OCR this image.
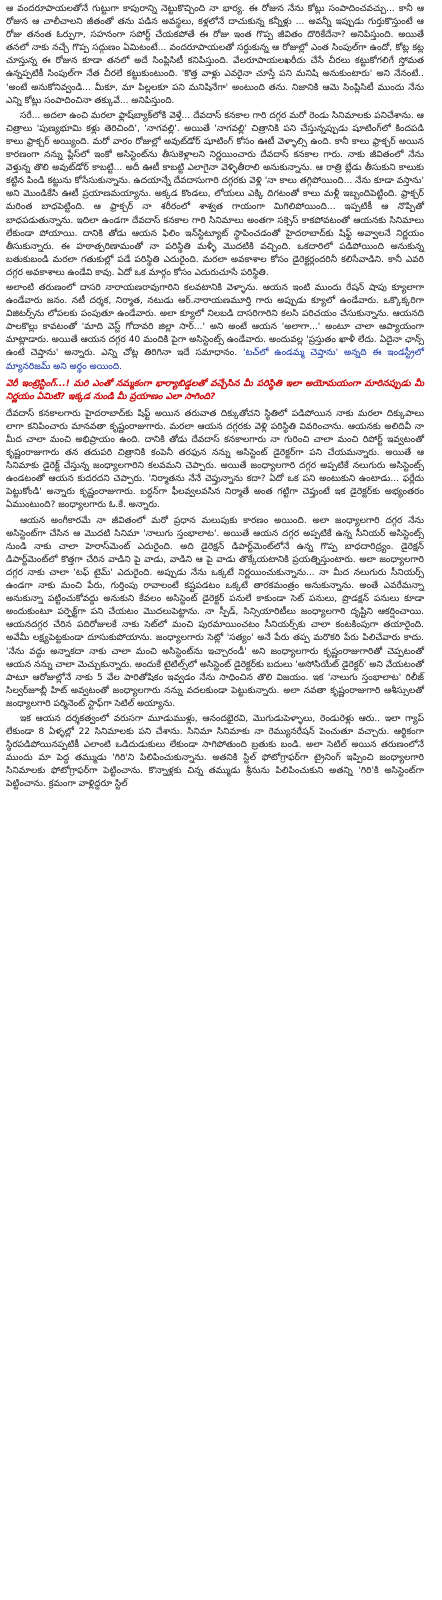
ఆ వందరూపాయలతోనే గుట్టుగా కాపురాన్ని నెట్టుకొచ్చింది నా భార్య. ఈ రోజున నేను కోట్లు సంపాదించవచ్చు... కానీ ఆ రోజున ఆ చాలీచాలని జీతంతో తను పడిన అవస్థలు, కళ్లలోనే దాచుకున్న కన్నీళ్లు ... అవన్నీ ఇప్పుడు గుర్తుకొస్తుంటే ఆ రోజు తనంత ఓర్పుగా, సహనంగా సపోర్ట్ చేయకపోతే ఈ రోజు ఇంత గొప్ప జీవితం దొరికేదేనా? అనిపిస్తుంది. అయితే తనలో నాకు నచ్చే గొప్ప సద్గుణం ఏమిటంటే... వందరూపాయలతో సర్దుకున్న ఆ రోజుల్లో ఎంత సింపుల్‌గా ఉందో, కోట్ల కట్ల చూస్తున్న ఈ రోజున కూడా తనలో అదే సింప్లిసిటీ కనిపిస్తుంది. వేలరూపాయలఖరీదు చేసే చీరలు కట్టుకోగలిగే స్తోమత ఉన్నప్పటికీ సింపుల్‌గా నేత చీరలే కట్టుకుంటుంది. 'కొత్త వాళ్లు ఎవరైనా చూస్తే పని మనిషి అనుకుంటారు' అని నేనంటే.. 'అంటే అనుకోనివ్వండి... మీకూ, మా పిల్లలకూ పని మనిషినేగా' అంటుంది తను. నిజానికి ఆమె సింప్లిసిటీ ముందు నేను ఎన్ని కోట్లు సంపాదించినా తక్కువే... అనిపిస్తుంది.

సరే... అదలా ఉంచి మరలా ఫ్లాష్‌బ్యాక్‌లోకి వెళ్తే... దేవదాస్ కనకాల గారి దగ్గర మరో రెండు సినిమాలకు పనిచేశాను. ఆ చిత్రాలు 'పుణ్యభూమి కళ్లు తెరిచింది', 'నాగవల్లి'. అయితే 'నాగవల్లి' చిత్రానికి పని చేస్తున్నప్పుడు షూటింగ్‌లో కిందపడి కాలు ఫ్రాక్చర్ అయ్యింది. మరో వారం రోజుల్లో అవుట్‌డోర్ షూటింగ్ కోసం ఊటీ వెళ్ళాల్సి ఉంది. కానీ కాలు ఫ్రాక్చర్ అయిన కారణంగా నన్ను ప్లేస్‌లో ఇంకో అసిస్టెంట్‌ను తీసుకెళ్లాలని నిర్ణయించారు దేవదాస్ కనకాల గారు. నాకు జీవితంలో నేను వెళ్తున్న తొలి అవుట్‌డోర్ కాబట్టి... అదీ ఊటీ కాబట్టి ఎలాగైనా వెళ్ళితీరాలి అనుకున్నాను. ఆ రాత్రి బ్లేడు తీసుకుని కాలుకు కట్టిన పిండి కట్టును కోసేసుకున్నాను. ఉదయాన్నే దేవదాసుగారి దగ్గరకు వెళ్లి 'నా కాలు తగ్గిపోయింది... నేను కూడా వస్తాను' అని మొండికేసి ఊటీ ప్రయాణమయ్యాను. అక్కడ కొండలు, లోయలు ఎక్కి దిగటంతో కాలు మళ్లీ ఇబ్బందిపెట్టింది. ఫ్రాక్చర్ మరింత బాధపెట్టింది. ఆ ఫ్రాక్చర్ నా శరీరంలో శాశ్వత గాయంగా మిగిలిపోయింది... ఇప్పటికీ ఆ నొప్పితో బాధపడుతున్నాను. ఇదిలా ఉండగా దేవదాస్ కనకాల గారి సినిమాలు అంతగా సక్సెస్ కాకపోవటంతో ఆయనకు సినిమాలు లేకుండా పోయాయి. దానికి తోడు ఆయన ఫిలిం ఇన్‌స్టిట్యూట్ స్థాపించడంతో హైదరాబాద్‌కు షిఫ్ట్ అవ్వాలనే నిర్ణయం తీసుకున్నారు. ఈ హఠాత్పరిణామంతో నా పరిస్థితి మళ్ళీ మొదటికి వచ్చింది. ఒకదారిలో పడిపోయింది అనుకున్న బతుకుబండి మరలా గతుకుల్లో పడే పరిస్థితి ఎదురైంది. మరలా అవకాశాల కోసం డైరెక్టర్లందరినీ కలిసేవాడిని. కానీ ఎవరి దగ్గర అవకాశాలు ఉండేవి కావు. ఏదో ఒక మార్గం కోసం ఎదురుచూసే పరిస్థితి.

అలాంటి తరుణంలో దాసరి నారాయణరావుగారిని కలవటానికి వెళ్ళాను. ఆయన ఇంటి ముందు రేషన్ షాపు క్యూలాగా ఉండేవారు జనం. నటీ దర్శక, నిర్మాత, నటుడు ఆర్.నారాయణమూర్తి గారు అప్పుడు క్యూలో ఉండేవారు. ఒక్కొక్కరిగా విజిటర్స్‌ను లోపలకు పంపుతూ ఉండేవారు. అలా క్యూలో నిలబడి దాసరిగారిని కలసి పరిచయం చేసుకున్నాను. ఆయనది పాలకొల్లు కావటంతో 'మాది వెస్ట్ గోదావరి జిల్లా సార్...' అని అంటే ఆయన 'అలాగా...' అంటూ చాలా ఆప్యాయంగా మాట్లాడారు. అయితే ఆయన దగ్గర 40 మందికి పైగా అసిస్టెంట్స్ ఉండేవారు. అందువల్ల 'ప్రస్తుతం ఖాళీ లేదు. ఏదైనా ఛాన్స్ ఉంటే చెప్తాను' అన్నారు. ఎన్ని చోట్ల తిరిగినా ఇదే సమాధానం. 'టచ్‌లో ఉండమ్మ చెప్తాను' అన్నది ఈ ఇండస్ట్రీలో మ్యానరిజమ్ అని అర్థం అయింది.

వెరీ ఇంట్రెస్టింగ్...! మరి ఎంతో నమ్మకంగా భార్యాబిడ్డలతో వచ్చేసిన మీ పరిస్థితి ఇలా అయోమయంగా మారినప్పుడు మీ నిర్ణయం ఏమిటి? ఇక్కడ నుండి మీ ప్రయాణం ఎలా సాగింది?

దేవదాస్ కనకాలగారు హైదరాబాద్‌కు షిఫ్ట్ అయిన తరువాత దిక్కుతోచని స్థితిలో పడిపోయిన నాకు మరలా దిక్కుపాలు లాగా కనిపించారు మానవతా కృష్ణంరాజుగారు. మరలా ఆయన దగ్గరకు వెళ్లి పరిస్థితి వివరించాను. ఆయనకు అలిదివీ నా మీద చాలా మంచి అభిప్రాయం ఉంది. దానికి తోడు దేవదాస్ కనకాలగారు నా గురించి చాలా మంచి రిపోర్ట్ ఇవ్వటంతో కృష్ణంరాజుగారు తన తదుపరి చిత్రానికి కంపెనీ తరఫున నన్ను అసిస్టెంట్ డైరెక్టర్‌గా పని చేయమన్నారు. అయితే ఆ సినిమాకు డైరెక్ట్ చేస్తున్న జంధ్యాలగారిని కలవమని చెప్పారు. అయితే జంధ్యాలగారి దగ్గర అప్పటికే నలుగురు అసిస్టెంట్స్ ఉండటంతో ఆయన కుదరదని చెప్పారు. 'నిర్మాతను నేనే చెప్తున్నాను కదా? ఏదో ఒక పని అంటుకుని ఉంటాడు... ఫర్లేదు పెట్టుకోండి' అన్నారు కృష్ణంరాజుగారు. బర్డన్‌గా ఫీలవ్వలవసిన నిర్మాతే అంత గట్టిగా చెప్తుంటే ఇక డైరెక్టర్‌కు అభ్యంతరం ఏముంటుంది? జంధ్యాలగారు ఓ.కే. అన్నారు.

ఆయన అంగీకారమే నా జీవితంలో మరో ప్రధాన మలుపుకు కారణం అయింది. అలా జంధ్యాలగారి దగ్గర నేను అసిస్టెంట్‌గా చేసిన ఆ మొదటి సినిమా 'నాలుగు స్తంభాలాట'. అయితే ఆయన దగ్గర అప్పటికే ఉన్న సీనియర్ అసిస్టెంట్స్ నుండి నాకు చాలా హెరాస్‌మెంట్ ఎదురైంది. అది డైరెక్షన్ డిపార్ట్‌మెంట్‌లోనే ఉన్న గొప్ప బాధదారిద్ర్యం. డైరెక్షన్ డిపార్ట్‌మెంట్‌లో కొత్తగా చేరిన వాడిని పై వాడు, వాడిని ఆ పై వాడు తొక్కేయటానికి ప్రయత్నిస్తుంటారు. అలా జంధ్యాలగారి దగ్గర నాకు చాలా 'టఫ్ టైమ్' ఎదురైంది. అప్పుడు నేను ఒక్కటే నిర్ణయించుకున్నాను... నా మీద నలుగురు సీనియర్స్ ఉండగా నాకు మంచి పేరు, గుర్తింపు రావాలంటే కష్టపడటం ఒక్కటే తారకమంత్రం అనుకున్నాను. అంతే ఎవరేమన్నా అనుకున్నా పట్టించుకోవద్దు అనుకుని కేవలం అసిస్టెంట్ డైరెక్టర్ పనులే కాకుండా సెట్ పనులు, ప్రొడక్షన్ పనులు కూడా అందుకుంటూ పర్ఫెక్ట్‌గా పని చేయటం మొదలుపెట్టాను. నా స్పీడ్, సిన్సియారిటీలు జంధ్యాలగారి దృష్టిని ఆకర్షించాయి. ఆయనదగ్గర చేరిన పదిరోజులకే నాకు సెట్‌లో మంచి పురమాయించటం సీనియర్స్‌కు చాలా కంటకింపుగా తయారైంది. అవేమీ లక్ష్యపెట్టకుండా దూసుకుపోయాను. జంధ్యాలగారు సెట్లో 'సత్యం' అనే పేరు తప్ప మరొకరి పేరు పిలిచేవారు కాదు. 'నేను వద్దు అన్నాకదా నాకు చాలా మంచి అసిస్టెంట్‌ను ఇచ్చారండీ' అని జంధ్యాలగారు కృష్ణంరాజుగారితో చెప్పటంతో ఆయన నన్ను చాలా మెచ్చుకున్నారు. అందుకే టైటిల్స్‌లో అసిస్టెంట్ డైరెక్టర్‌కు బదులు 'అసోసియేట్ డైరెక్టర్' అని వేయటంతో పాటూ ఆరోజుల్లోనే నాకు 5 వేల పారితోషికం ఇవ్వడం నేను సాధించిన తొలి విజయం. ఇక 'నాలుగు స్తంభాలాట' రిలీజ్ సిల్వర్‌జూబ్లీ హిట్ అవ్వటంతో జంధ్యాలగారు నన్ను వదలకుండా పెట్టుకున్నారు. అలా నవతా కృష్ణంరాజుగారి ఆశీస్సులతో జంధ్యాలగారి పర్మినెంట్ స్టాఫ్‌గా సెటిల్ అయ్యాను.

ఇక ఆయన దర్శకత్వంలో వరుసగా మూడుముళ్లు, ఆనందభైరవి, మొగుడుపెళ్ళాలు, రెండురెళ్లు ఆరు.. ఇలా గ్యాప్ లేకుండా 8 ఏళ్ళల్లో 22 సినిమాలకు పని చేశాను. సినిమా సినిమాకు నా రెమ్యునరేషన్ పెంచుతూ వచ్చారు. ఆర్థికంగా స్థిరపడిపోయినప్పటికీ ఎలాంటి ఒడిదుడుకులు లేకుండా సాగిపోతుంది బ్రతుకు బండి. అలా సెటిల్ అయిన తరుణంలోనే ముందు మా పెద్ద తమ్ముడు 'గిరి'ని పిలిపించుకున్నాను. అతనికి స్టిల్ ఫోటోగ్రాఫర్‌గా ట్రైనింగ్ ఇప్పించి జంధ్యాలగారి సినిమాలకు ఫోటోగ్రాఫర్‌గా పెట్టించాను. కొన్నాళ్లకు చిన్న తమ్ముడు శ్రీనును పిలిపించుకుని అతన్ని 'గిరి'కి అసిస్టెంట్‌గా పెట్టించాను. క్రమంగా వాళ్లిద్దరూ స్టిల్
